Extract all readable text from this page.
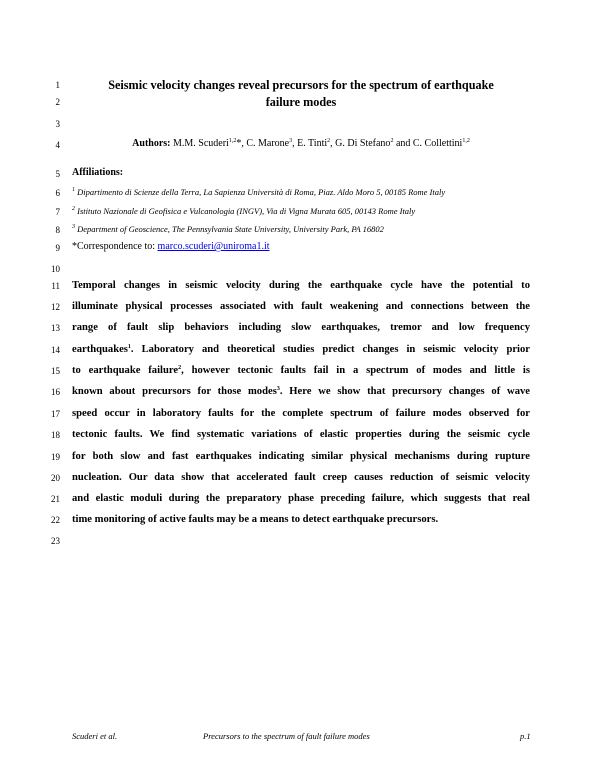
1
2
3
4
5
6
7
8
9
10
11
12
13
14
15
16
17
18
19
20
21
22
23
Seismic velocity changes reveal precursors for the spectrum of earthquake
failure modes
Authors: M.M. Scuderi$^{1,2}$*, C. Marone$^3$, E. Tinti$^2$, G. Di Stefano$^2$ and C. Collettini$^{1,2}$
Affiliations:
$^1$ Dipartimento di Scienze della Terra, La Sapienza Università di Roma, Piaz. Aldo Moro 5, 00185 Rome Italy
$^2$ Istituto Nazionale di Geofisica e Vulcanologia (INGV), Via di Vigna Murata 605, 00143 Rome Italy
$^3$ Department of Geoscience, The Pennsylvania State University, University Park, PA 16802
*Correspondence to: marco.scuderi@uniroma1.it
Temporal changes in seismic velocity during the earthquake cycle have the potential to
illuminate physical processes associated with fault weakening and connections between the
range of fault slip behaviors including slow earthquakes, tremor and low frequency
earthquakes$^1$. Laboratory and theoretical studies predict changes in seismic velocity prior
to earthquake failure$^2$, however tectonic faults fail in a spectrum of modes and little is
known about precursors for those modes$^3$. Here we show that precursory changes of wave
speed occur in laboratory faults for the complete spectrum of failure modes observed for
tectonic faults. We find systematic variations of elastic properties during the seismic cycle
for both slow and fast earthquakes indicating similar physical mechanisms during rupture
nucleation. Our data show that accelerated fault creep causes reduction of seismic velocity
and elastic moduli during the preparatory phase preceding failure, which suggests that real
time monitoring of active faults may be a means to detect earthquake precursors.
Scuderi et al.	Precursors to the spectrum of fault failure modes	p.1
